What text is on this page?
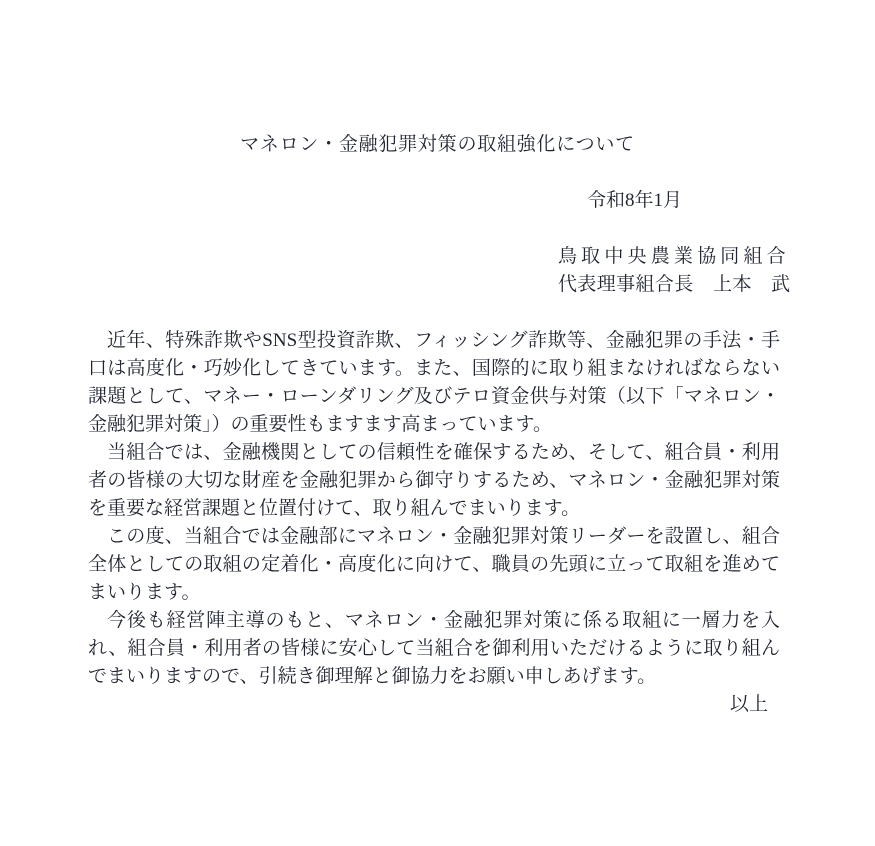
マネロン・金融犯罪対策の取組強化について
令和8年1月
鳥取中央農業協同組合
代表理事組合長　上本　武

近年、特殊詐欺やSNS型投資詐欺、フィッシング詐欺等、金融犯罪の手法・手口は高度化・巧妙化してきています。また、国際的に取り組まなければならない課題として、マネー・ローンダリング及びテロ資金供与対策（以下「マネロン・金融犯罪対策」）の重要性もますます高まっています。

当組合では、金融機関としての信頼性を確保するため、そして、組合員・利用者の皆様の大切な財産を金融犯罪から御守りするため、マネロン・金融犯罪対策を重要な経営課題と位置付けて、取り組んでまいります。

この度、当組合では金融部にマネロン・金融犯罪対策リーダーを設置し、組合全体としての取組の定着化・高度化に向けて、職員の先頭に立って取組を進めてまいります。

今後も経営陣主導のもと、マネロン・金融犯罪対策に係る取組に一層力を入れ、組合員・利用者の皆様に安心して当組合を御利用いただけるように取り組んでまいりますので、引続き御理解と御協力をお願い申しあげます。

以上
